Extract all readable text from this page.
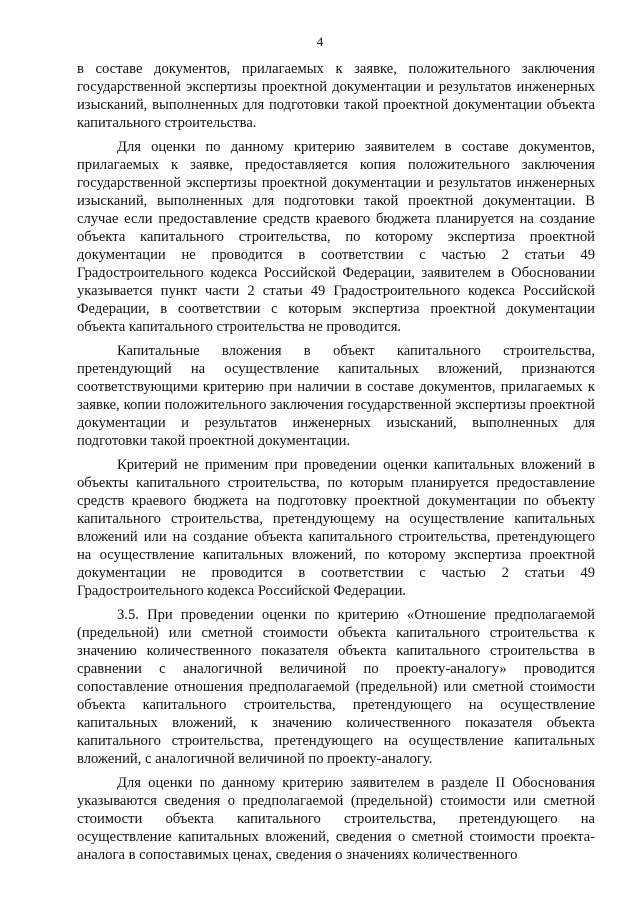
4

в составе документов, прилагаемых к заявке, положительного заключения государственной экспертизы проектной документации и результатов инженерных изысканий, выполненных для подготовки такой проектной документации объекта капитального строительства.

Для оценки по данному критерию заявителем в составе документов, прилагаемых к заявке, предоставляется копия положительного заключения государственной экспертизы проектной документации и результатов инженерных изысканий, выполненных для подготовки такой проектной документации. В случае если предоставление средств краевого бюджета планируется на создание объекта капитального строительства, по которому экспертиза проектной документации не проводится в соответствии с частью 2 статьи 49 Градостроительного кодекса Российской Федерации, заявителем в Обосновании указывается пункт части 2 статьи 49 Градостроительного кодекса Российской Федерации, в соответствии с которым экспертиза проектной документации объекта капитального строительства не проводится.

Капитальные вложения в объект капитального строительства, претендующий на осуществление капитальных вложений, признаются соответствующими критерию при наличии в составе документов, прилагаемых к заявке, копии положительного заключения государственной экспертизы проектной документации и результатов инженерных изысканий, выполненных для подготовки такой проектной документации.

Критерий не применим при проведении оценки капитальных вложений в объекты капитального строительства, по которым планируется предоставление средств краевого бюджета на подготовку проектной документации по объекту капитального строительства, претендующему на осуществление капитальных вложений или на создание объекта капитального строительства, претендующего на осуществление капитальных вложений, по которому экспертиза проектной документации не проводится в соответствии с частью 2 статьи 49 Градостроительного кодекса Российской Федерации.

3.5. При проведении оценки по критерию «Отношение предполагаемой (предельной) или сметной стоимости объекта капитального строительства к значению количественного показателя объекта капитального строительства в сравнении с аналогичной величиной по проекту-аналогу» проводится сопоставление отношения предполагаемой (предельной) или сметной стоимости объекта капитального строительства, претендующего на осуществление капитальных вложений, к значению количественного показателя объекта капитального строительства, претендующего на осуществление капитальных вложений, с аналогичной величиной по проекту-аналогу.

Для оценки по данному критерию заявителем в разделе II Обоснования указываются сведения о предполагаемой (предельной) стоимости или сметной стоимости объекта капитального строительства, претендующего на осуществление капитальных вложений, сведения о сметной стоимости проекта-аналога в сопоставимых ценах, сведения о значениях количественного
